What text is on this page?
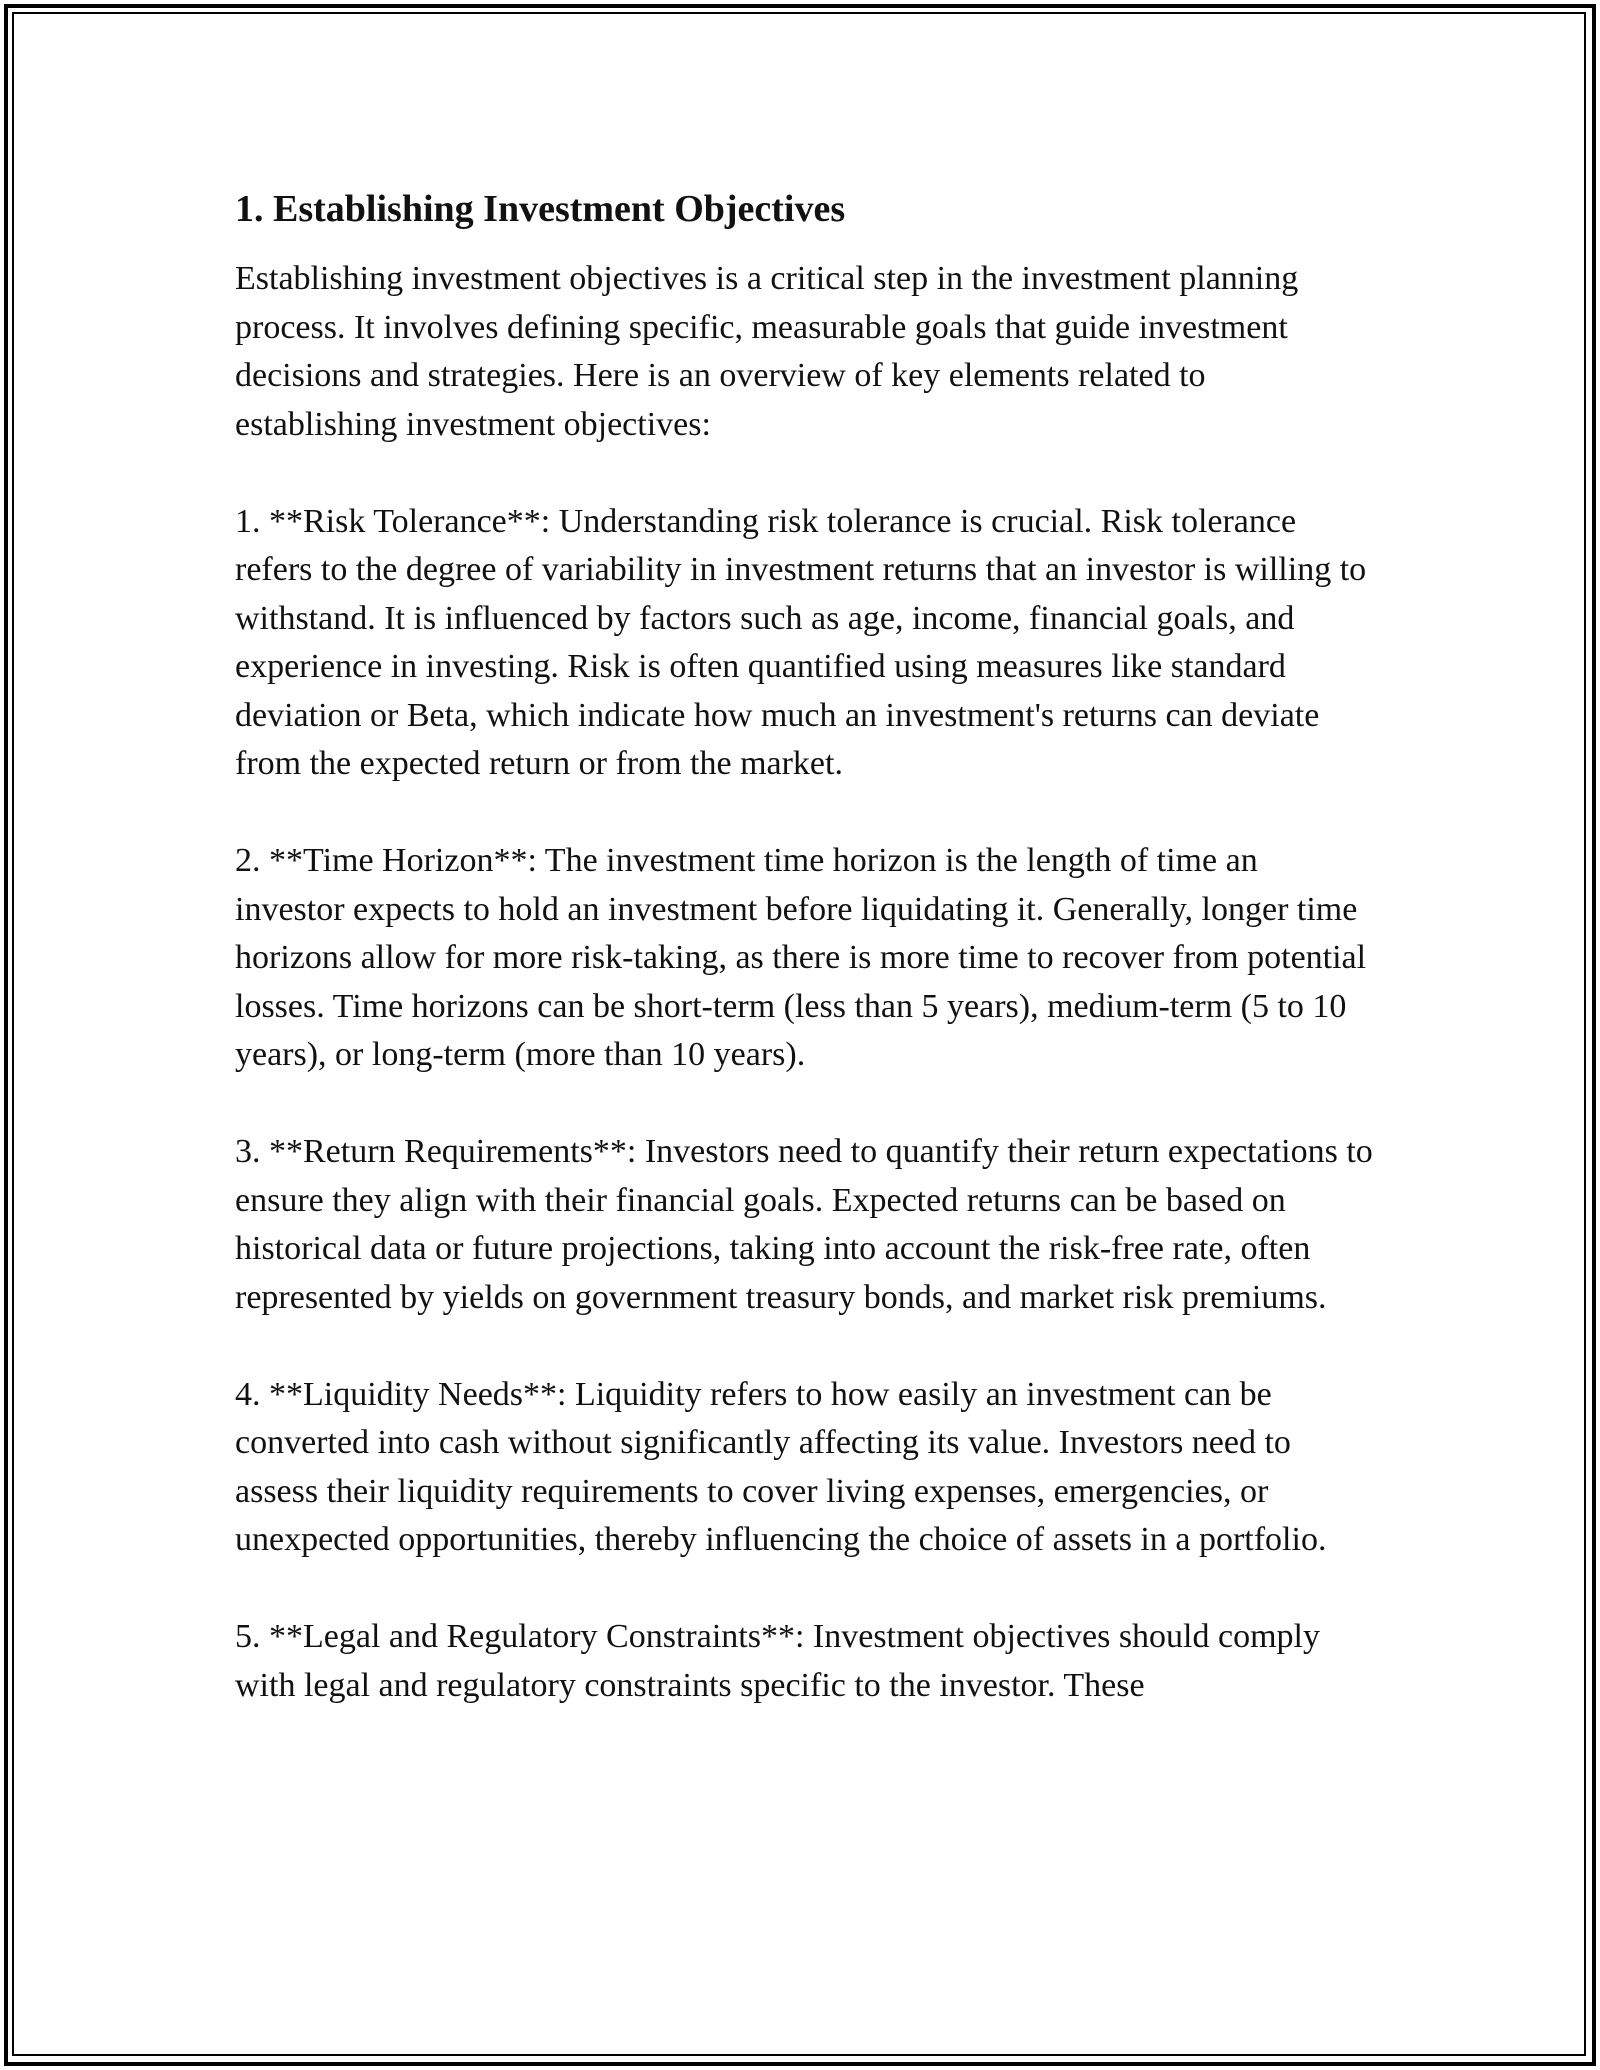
1. Establishing Investment Objectives

Establishing investment objectives is a critical step in the investment planning process. It involves defining specific, measurable goals that guide investment decisions and strategies. Here is an overview of key elements related to establishing investment objectives:

1. **Risk Tolerance**: Understanding risk tolerance is crucial. Risk tolerance refers to the degree of variability in investment returns that an investor is willing to withstand. It is influenced by factors such as age, income, financial goals, and experience in investing. Risk is often quantified using measures like standard deviation or Beta, which indicate how much an investment's returns can deviate from the expected return or from the market.

2. **Time Horizon**: The investment time horizon is the length of time an investor expects to hold an investment before liquidating it. Generally, longer time horizons allow for more risk-taking, as there is more time to recover from potential losses. Time horizons can be short-term (less than 5 years), medium-term (5 to 10 years), or long-term (more than 10 years).

3. **Return Requirements**: Investors need to quantify their return expectations to ensure they align with their financial goals. Expected returns can be based on historical data or future projections, taking into account the risk-free rate, often represented by yields on government treasury bonds, and market risk premiums.

4. **Liquidity Needs**: Liquidity refers to how easily an investment can be converted into cash without significantly affecting its value. Investors need to assess their liquidity requirements to cover living expenses, emergencies, or unexpected opportunities, thereby influencing the choice of assets in a portfolio.

5. **Legal and Regulatory Constraints**: Investment objectives should comply with legal and regulatory constraints specific to the investor. These
